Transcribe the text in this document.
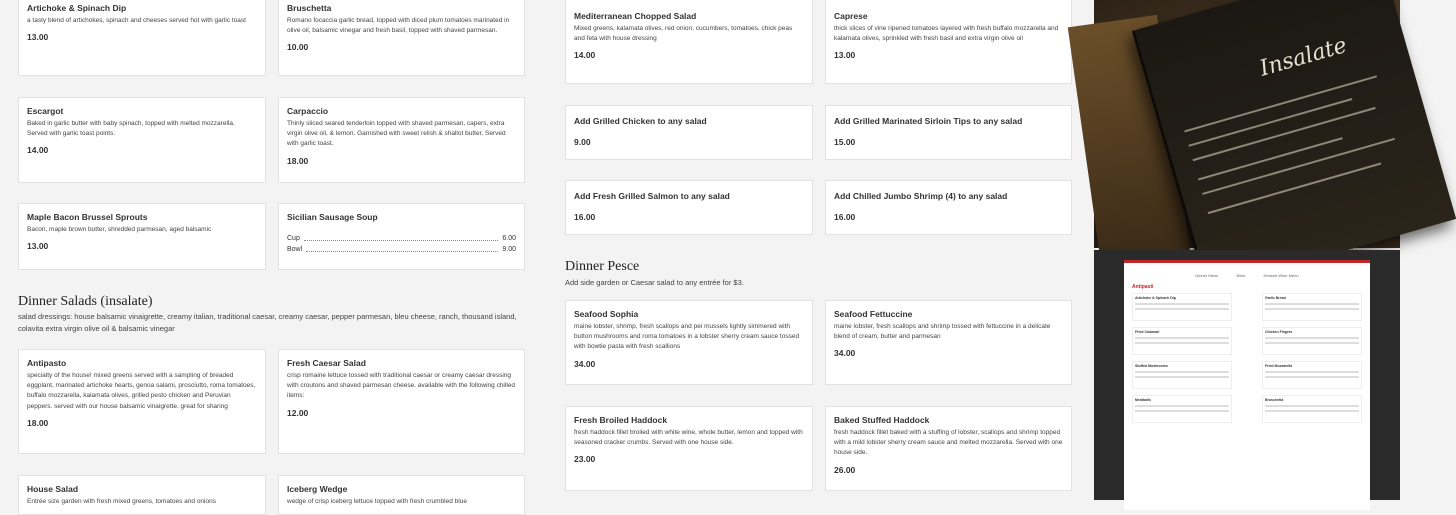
Artichoke & Spinach Dip
a tasty blend of artichokes, spinach and cheeses served hot with garlic toast
13.00
Bruschetta
Romano focaccia garlic bread, topped with diced plum tomatoes marinated in olive oil, balsamic vinegar and fresh basil, topped with shaved parmesan.
10.00
Escargot
Baked in garlic butter with baby spinach, topped with melted mozzarella. Served with garlic toast points.
14.00
Carpaccio
Thinly sliced seared tenderloin topped with shaved parmesan, capers, extra virgin olive oil, & lemon. Garnished with sweet relish & shallot butter. Served with garlic toast.
18.00
Maple Bacon Brussel Sprouts
Bacon, maple brown butter, shredded parmesan, aged balsamic
13.00
Sicilian Sausage Soup
Cup	6.00
Bowl	9.00
Dinner Salads (insalate)
salad dressings: house balsamic vinaigrette, creamy italian, traditional caesar, creamy caesar, pepper parmesan, bleu cheese, ranch, thousand island, colavita extra virgin olive oil & balsamic vinegar
Antipasto
specialty of the house! mixed greens served with a sampling of breaded eggplant, marinated artichoke hearts, genoa salami, prosciutto, roma tomatoes, buffalo mozzarella, kalamata olives, grilled pesto chicken and Peruvian peppers. served with our house balsamic vinaigrette. great for sharing
18.00
Fresh Caesar Salad
crisp romaine lettuce tossed with traditional caesar or creamy caesar dressing with croutons and shaved parmesan cheese. available with the following chilled items:
12.00
House Salad
Entrée size garden with fresh mixed greens, tomatoes and onions
Iceberg Wedge
wedge of crisp iceberg lettuce topped with fresh crumbled blue
Mediterranean Chopped Salad
Mixed greens, kalamata olives, red onion, cucumbers, tomatoes, chick peas and feta with house dressing
14.00
Caprese
thick slices of vine ripened tomatoes layered with fresh buffalo mozzarella and kalamata olives, sprinkled with fresh basil and extra virgin olive oil
13.00
Add Grilled Chicken to any salad
9.00
Add Grilled Marinated Sirloin Tips to any salad
15.00
Add Fresh Grilled Salmon to any salad
16.00
Add Chilled Jumbo Shrimp (4) to any salad
16.00
Dinner Pesce
Add side garden or Caesar salad to any entrée for $3.
Seafood Sophia
maine lobster, shrimp, fresh scallops and pei mussels lightly simmered with button mushrooms and roma tomatoes in a lobster sherry cream sauce tossed with bowtie pasta with fresh scallions
34.00
Seafood Fettuccine
maine lobster, fresh scallops and shrimp tossed with fettuccine in a delicate blend of cream, butter and parmesan
34.00
Fresh Broiled Haddock
fresh haddock fillet broiled with white wine, whole butter, lemon and topped with seasoned cracker crumbs. Served with one house side.
23.00
Baked Stuffed Haddock
fresh haddock fillet baked with a stuffing of lobster, scallops and shrimp topped with a mild lobster sherry cream sauce and melted mozzarella. Served with one house side.
26.00
Insalate
Dinner Menu	Wine	Dessert Wine Menu
Antipasti
Artichoke & Spinach Dip	Garlic Bread
Fried Calamari	Chicken Fingers
Stuffed Mushrooms	Fried Mozzarella
Meatballs	Bruschetta
